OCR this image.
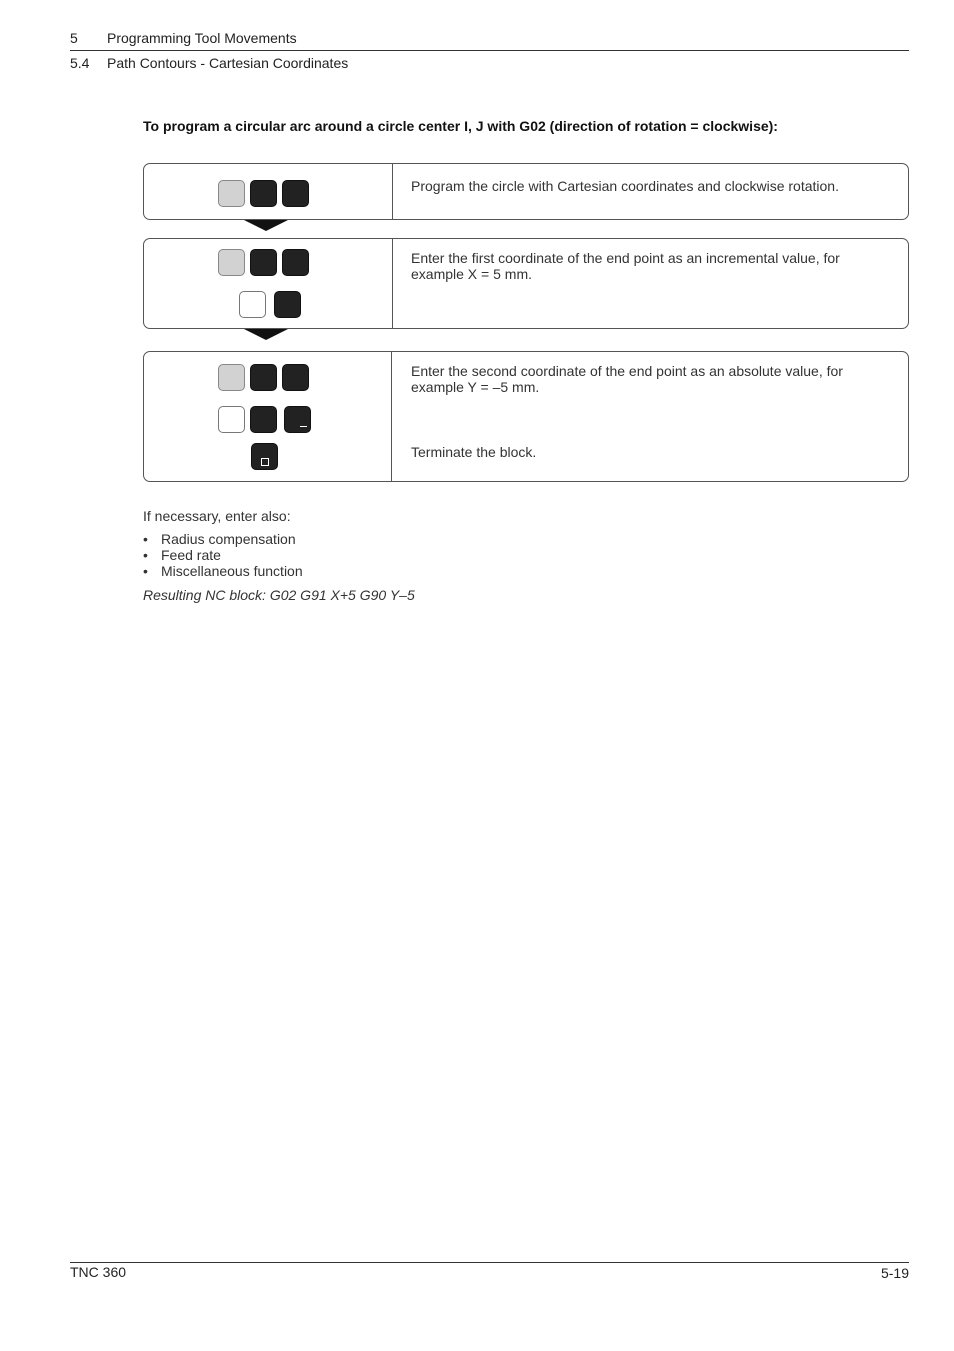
5 Programming Tool Movements
5.4 Path Contours - Cartesian Coordinates
To program a circular arc around a circle center I, J with G02 (direction of rotation = clockwise):
Program the circle with Cartesian coordinates and clockwise rotation.
Enter the first coordinate of the end point as an incremental value, for example X = 5 mm.
Enter the second coordinate of the end point as an absolute value, for example Y = –5 mm.
Terminate the block.
If necessary, enter also:
• Radius compensation
• Feed rate
• Miscellaneous function
Resulting NC block: G02 G91 X+5 G90 Y–5
TNC 360	5-19
